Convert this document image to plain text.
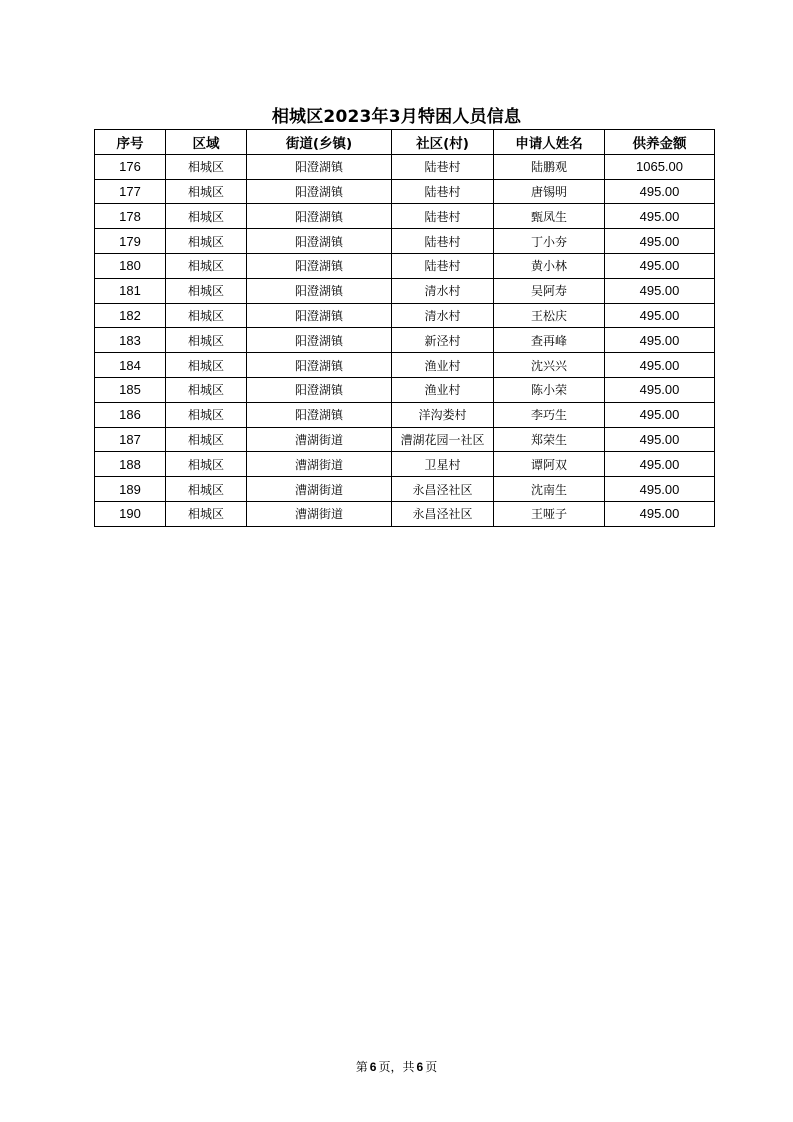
相城区2023年3月特困人员信息
序号	区域	街道(乡镇)	社区(村)	申请人姓名	供养金额
176	相城区	阳澄湖镇	陆巷村	陆鹏观	1065.00
177	相城区	阳澄湖镇	陆巷村	唐锡明	495.00
178	相城区	阳澄湖镇	陆巷村	甄凤生	495.00
179	相城区	阳澄湖镇	陆巷村	丁小夯	495.00
180	相城区	阳澄湖镇	陆巷村	黄小林	495.00
181	相城区	阳澄湖镇	清水村	吴阿寿	495.00
182	相城区	阳澄湖镇	清水村	王松庆	495.00
183	相城区	阳澄湖镇	新泾村	查再峰	495.00
184	相城区	阳澄湖镇	渔业村	沈兴兴	495.00
185	相城区	阳澄湖镇	渔业村	陈小荣	495.00
186	相城区	阳澄湖镇	洋沟娄村	李巧生	495.00
187	相城区	漕湖街道	漕湖花园一社区	郑荣生	495.00
188	相城区	漕湖街道	卫星村	谭阿双	495.00
189	相城区	漕湖街道	永昌泾社区	沈南生	495.00
190	相城区	漕湖街道	永昌泾社区	王哑子	495.00
第 6 页，共 6 页
